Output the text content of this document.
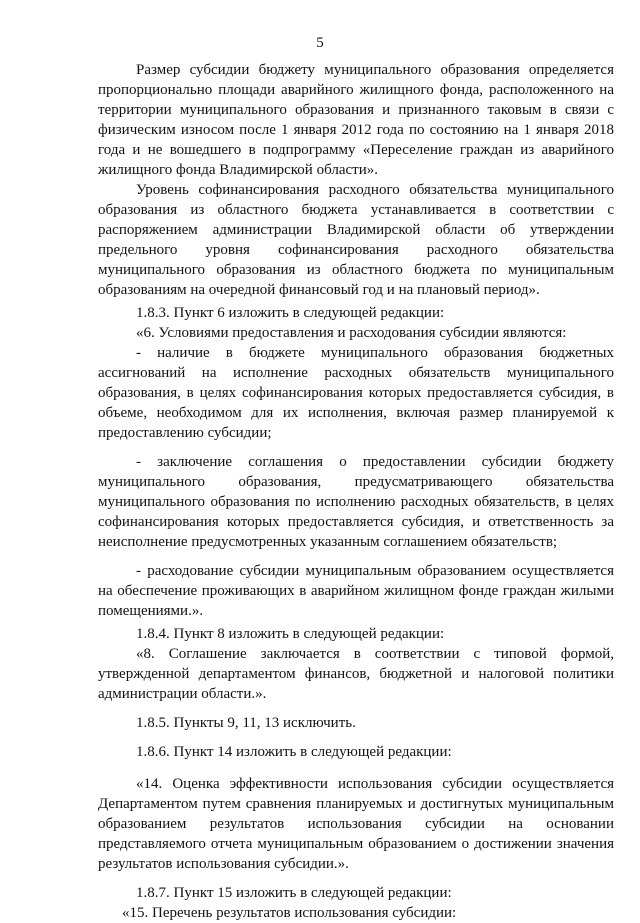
5

Размер субсидии бюджету муниципального образования определяется пропорционально площади аварийного жилищного фонда, расположенного на территории муниципального образования и признанного таковым в связи с физическим износом после 1 января 2012 года по состоянию на 1 января 2018 года и не вошедшего в подпрограмму «Переселение граждан из аварийного жилищного фонда Владимирской области».

Уровень софинансирования расходного обязательства муниципального образования из областного бюджета устанавливается в соответствии с распоряжением администрации Владимирской области об утверждении предельного уровня софинансирования расходного обязательства муниципального образования из областного бюджета по муниципальным образованиям на очередной финансовый год и на плановый период».

1.8.3. Пункт 6 изложить в следующей редакции:

«6. Условиями предоставления и расходования субсидии являются:

- наличие в бюджете муниципального образования бюджетных ассигнований на исполнение расходных обязательств муниципального образования, в целях софинансирования которых предоставляется субсидия, в объеме, необходимом для их исполнения, включая размер планируемой к предоставлению субсидии;

- заключение соглашения о предоставлении субсидии бюджету муниципального образования, предусматривающего обязательства муниципального образования по исполнению расходных обязательств, в целях софинансирования которых предоставляется субсидия, и ответственность за неисполнение предусмотренных указанным соглашением обязательств;

- расходование субсидии муниципальным образованием осуществляется на обеспечение проживающих в аварийном жилищном фонде граждан жилыми помещениями.».

1.8.4. Пункт 8 изложить в следующей редакции:

«8. Соглашение заключается в соответствии с типовой формой, утвержденной департаментом финансов, бюджетной и налоговой политики администрации области.».

1.8.5. Пункты 9, 11, 13 исключить.

1.8.6. Пункт 14 изложить в следующей редакции:

«14. Оценка эффективности использования субсидии осуществляется Департаментом путем сравнения планируемых и достигнутых муниципальным образованием результатов использования субсидии на основании представляемого отчета муниципальным образованием о достижении значения результатов использования субсидии.».

1.8.7. Пункт 15 изложить в следующей редакции:

«15. Перечень результатов использования субсидии:
